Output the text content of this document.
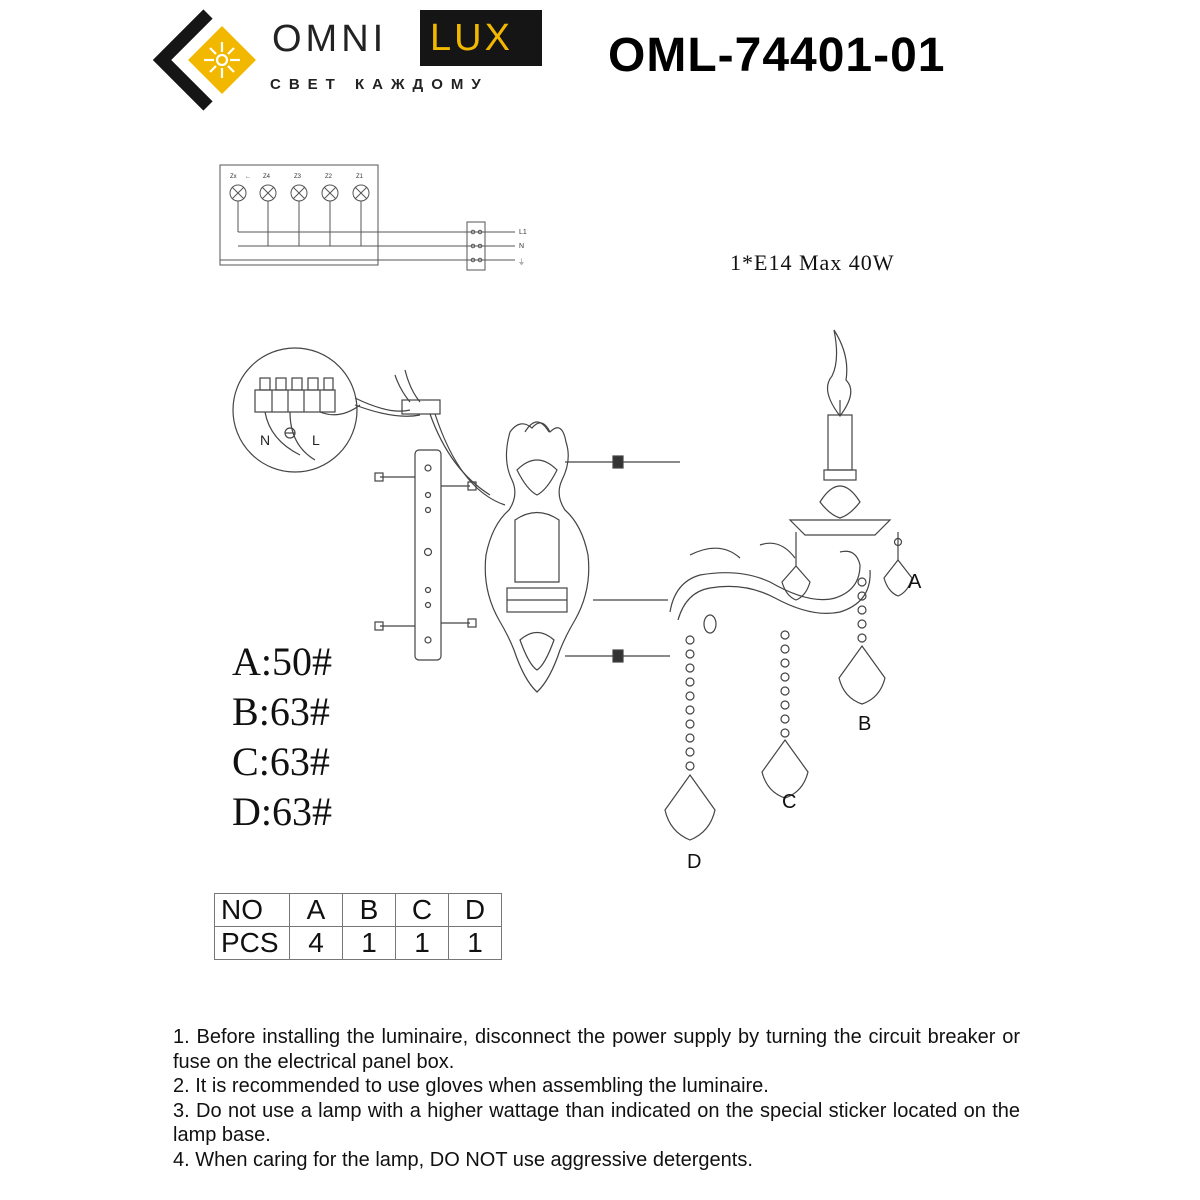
OMNI LUX
СВЕТ КАЖДОМУ
OML-74401-01
Zx ← Z4	Z3	Z2	Z1
L1
N
⏚	1*E14 Max 40W
N	L
A
B
C
D
A:50#
B:63#
C:63#
D:63#
NO	A	B	C	D
PCS	4	1	1	1

1. Before installing the luminaire, disconnect the power supply by turning the circuit breaker or fuse on the electrical panel box.

2. It is recommended to use gloves when assembling the luminaire.

3. Do not use a lamp with a higher wattage than indicated on the special sticker located on the lamp base.

4. When caring for the lamp, DO NOT use aggressive detergents.
